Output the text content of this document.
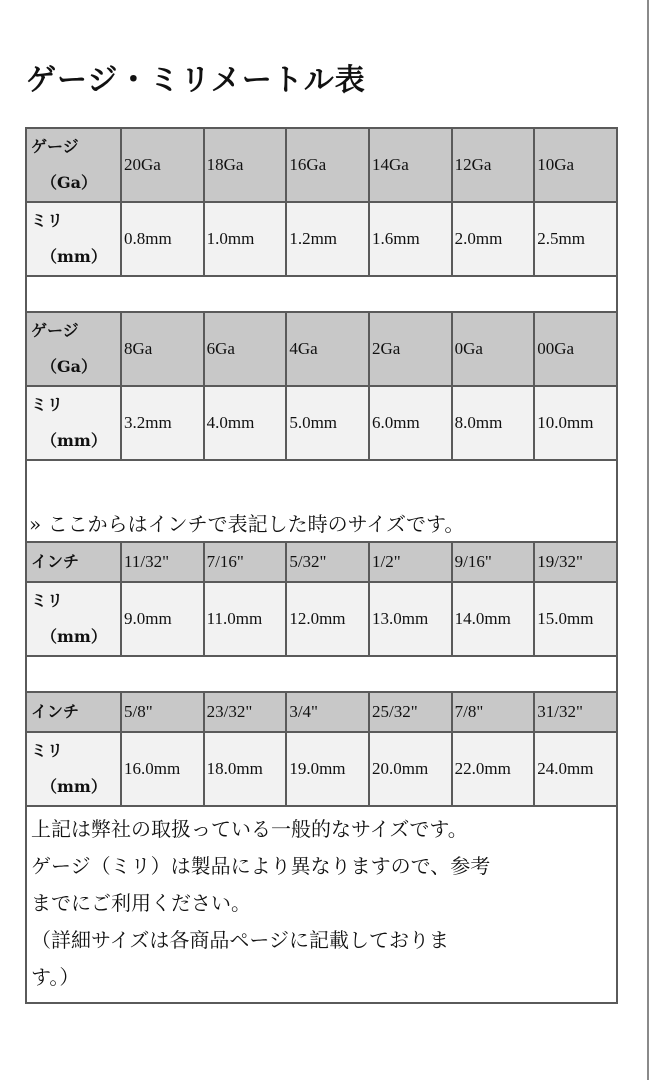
ゲージ・ミリメートル表
ゲージ
（Ga）	20Ga	18Ga	16Ga	14Ga	12Ga	10Ga
ミリ
（mm）	0.8mm	1.0mm	1.2mm	1.6mm	2.0mm	2.5mm

ゲージ
（Ga）	8Ga	6Ga	4Ga	2Ga	0Ga	00Ga
ミリ
（mm）	3.2mm	4.0mm	5.0mm	6.0mm	8.0mm	10.0mm
» ここからはインチで表記した時のサイズです。						
インチ	11/32"	7/16"	5/32"	1/2"	9/16"	19/32"
ミリ
（mm）	9.0mm	11.0mm	12.0mm	13.0mm	14.0mm	15.0mm

インチ	5/8"	23/32"	3/4"	25/32"	7/8"	31/32"
ミリ
（mm）	16.0mm	18.0mm	19.0mm	20.0mm	22.0mm	24.0mm

上記は弊社の取扱っている一般的なサイズです。
ゲージ（ミリ）は製品により異なりますので、参考
までにご利用ください。
（詳細サイズは各商品ページに記載しておりま
す。）						
